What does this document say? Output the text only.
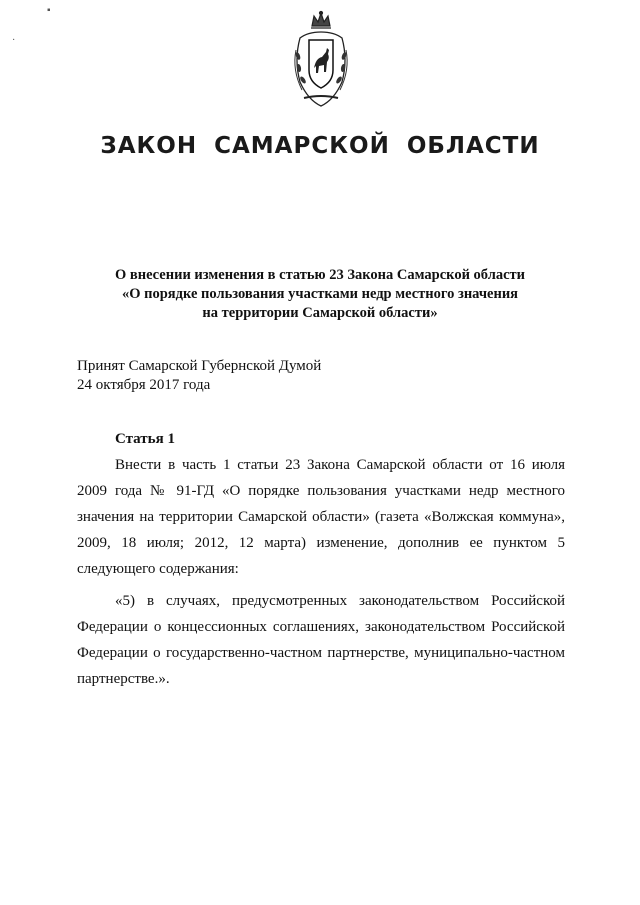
▪
·
ЗАКОН САМАРСКОЙ ОБЛАСТИ
О внесении изменения в статью 23 Закона Самарской области
«О порядке пользования участками недр местного значения
на территории Самарской области»
Принят Самарской Губернской Думой
24 октября 2017 года
Статья 1
Внести в часть 1 статьи 23 Закона Самарской области от 16 июля
2009 года № 91-ГД «О порядке пользования участками недр местного
значения на территории Самарской области» (газета «Волжская коммуна»,
2009, 18 июля; 2012, 12 марта) изменение, дополнив ее пунктом 5
следующего содержания:
«5) в случаях, предусмотренных законодательством Российской
Федерации о концессионных соглашениях, законодательством Российской
Федерации о государственно-частном партнерстве, муниципально-частном
партнерстве.».
